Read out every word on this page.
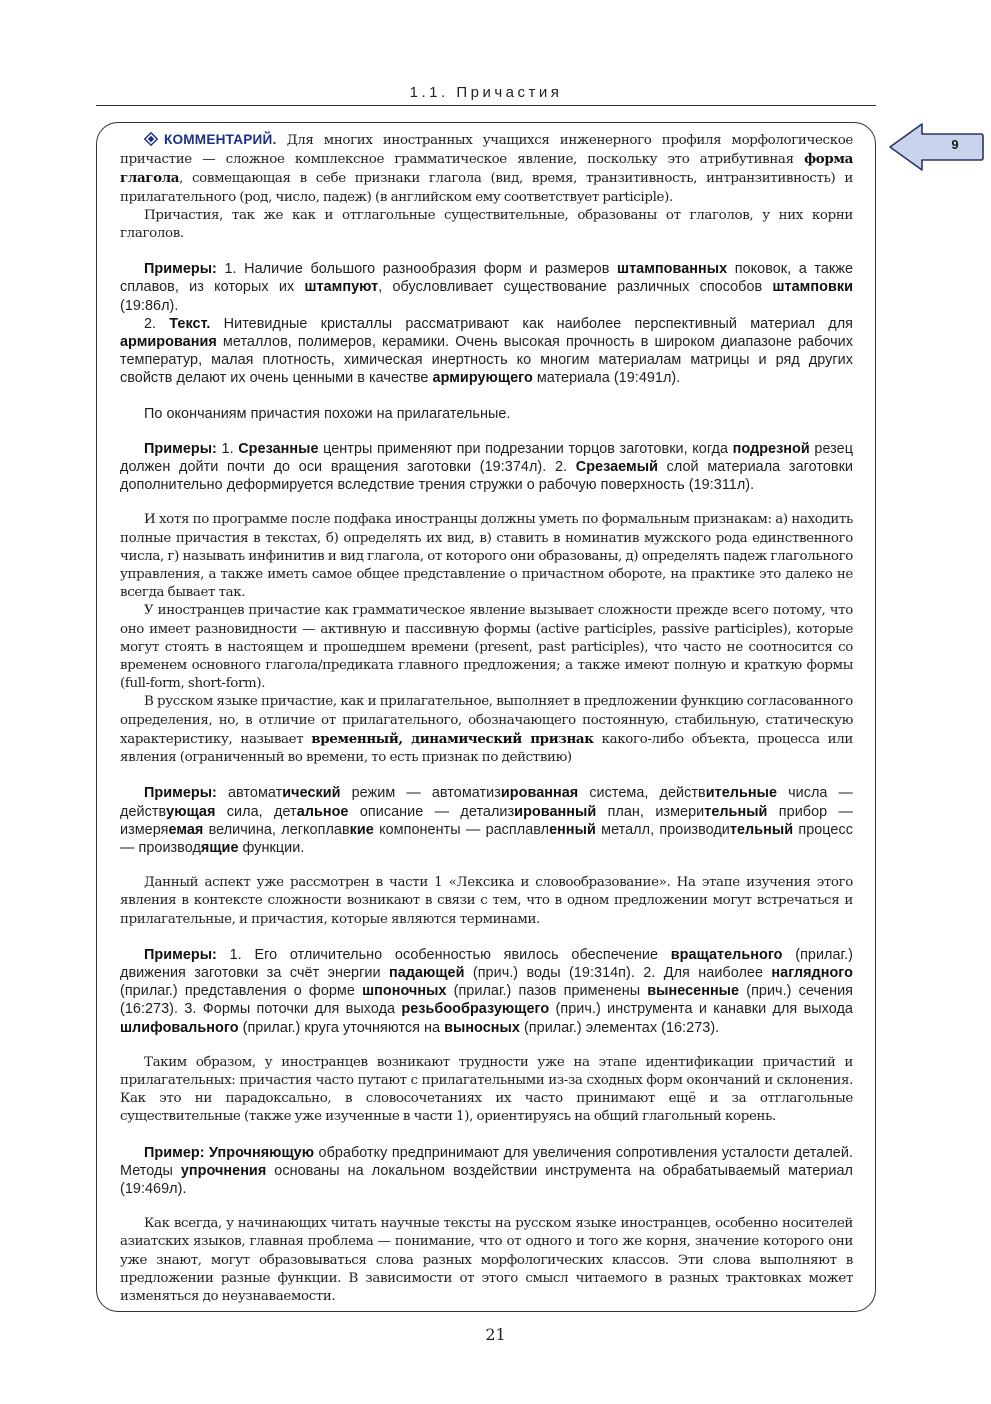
1.1. Причастия
9

КОММЕНТАРИЙ. Для многих иностранных учащихся инженерного профиля морфологическое причастие — сложное комплексное грамматическое явление, поскольку это атрибутивная форма глагола, совмещающая в себе признаки глагола (вид, время, транзитивность, интранзитивность) и прилагательного (род, число, падеж) (в английском ему соответствует participle).

Причастия, так же как и отглагольные существительные, образованы от глаголов, у них корни глаголов.

Примеры: 1. Наличие большого разнообразия форм и размеров штампованных поковок, а также сплавов, из которых их штампуют, обусловливает существование различных способов штамповки (19:86л).

2. Текст. Нитевидные кристаллы рассматривают как наиболее перспективный материал для армирования металлов, полимеров, керамики. Очень высокая прочность в широком диапазоне рабочих температур, малая плотность, химическая инертность ко многим материалам матрицы и ряд других свойств делают их очень ценными в качестве армирующего материала (19:491л).

По окончаниям причастия похожи на прилагательные.

Примеры: 1. Срезанные центры применяют при подрезании торцов заготовки, когда подрезной резец должен дойти почти до оси вращения заготовки (19:374л). 2. Срезаемый слой материала заготовки дополнительно деформируется вследствие трения стружки о рабочую поверхность (19:311л).

И хотя по программе после подфака иностранцы должны уметь по формальным признакам: а) находить полные причастия в текстах, б) определять их вид, в) ставить в номинатив мужского рода единственного числа, г) называть инфинитив и вид глагола, от которого они образованы, д) определять падеж глагольного управления, а также иметь самое общее представление о причастном обороте, на практике это далеко не всегда бывает так.

У иностранцев причастие как грамматическое явление вызывает сложности прежде всего потому, что оно имеет разновидности — активную и пассивную формы (active participles, passive participles), которые могут стоять в настоящем и прошедшем времени (present, past participles), что часто не соотносится со временем основного глагола/предиката главного предложения; а также имеют полную и краткую формы (full-form, short-form).

В русском языке причастие, как и прилагательное, выполняет в предложении функцию согласованного определения, но, в отличие от прилагательного, обозначающего постоянную, стабильную, статическую характеристику, называет временный, динамический признак какого-либо объекта, процесса или явления (ограниченный во времени, то есть признак по действию)

Примеры: автоматический режим — автоматизированная система, действительные числа — действующая сила, детальное описание — детализированный план, измерительный прибор — измеряемая величина, легкоплавкие компоненты — расплавленный металл, производительный процесс — производящие функции.

Данный аспект уже рассмотрен в части 1 «Лексика и словообразование». На этапе изучения этого явления в контексте сложности возникают в связи с тем, что в одном предложении могут встречаться и прилагательные, и причастия, которые являются терминами.

Примеры: 1. Его отличительно особенностью явилось обеспечение вращательного (прилаг.) движения заготовки за счёт энергии падающей (прич.) воды (19:314п). 2. Для наиболее наглядного (прилаг.) представления о форме шпоночных (прилаг.) пазов применены вынесенные (прич.) сечения (16:273). 3. Формы поточки для выхода резьбообразующего (прич.) инструмента и канавки для выхода шлифовального (прилаг.) круга уточняются на выносных (прилаг.) элементах (16:273).

Таким образом, у иностранцев возникают трудности уже на этапе идентификации причастий и прилагательных: причастия часто путают с прилагательными из-за сходных форм окончаний и склонения. Как это ни парадоксально, в словосочетаниях их часто принимают ещё и за отглагольные существительные (также уже изученные в части 1), ориентируясь на общий глагольный корень.

Пример: Упрочняющую обработку предпринимают для увеличения сопротивления усталости деталей. Методы упрочнения основаны на локальном воздействии инструмента на обрабатываемый материал (19:469л).

Как всегда, у начинающих читать научные тексты на русском языке иностранцев, особенно носителей азиатских языков, главная проблема — понимание, что от одного и того же корня, значение которого они уже знают, могут образовываться слова разных морфологических классов. Эти слова выполняют в предложении разные функции. В зависимости от этого смысл читаемого в разных трактовках может изменяться до неузнаваемости.

21
